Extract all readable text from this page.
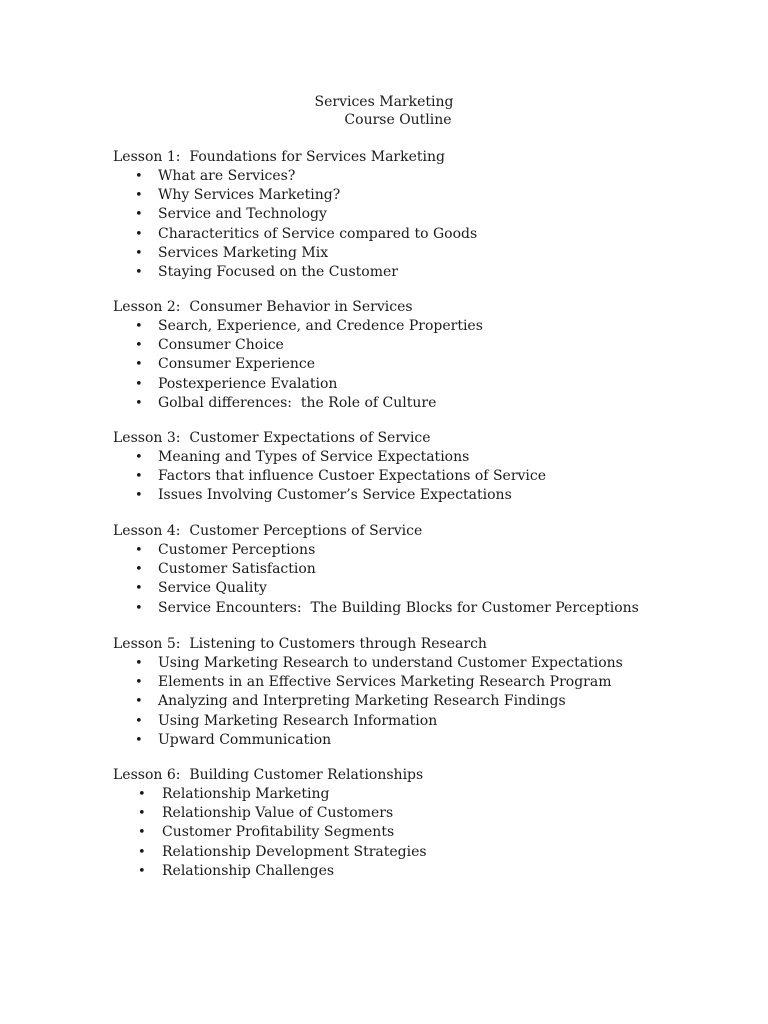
Services Marketing
Course Outline
Lesson 1:  Foundations for Services Marketing
• What are Services?
• Why Services Marketing?
• Service and Technology
• Characteritics of Service compared to Goods
• Services Marketing Mix
• Staying Focused on the Customer
Lesson 2:  Consumer Behavior in Services
• Search, Experience, and Credence Properties
• Consumer Choice
• Consumer Experience
• Postexperience Evalation
• Golbal differences:  the Role of Culture
Lesson 3:  Customer Expectations of Service
• Meaning and Types of Service Expectations
• Factors that influence Custoer Expectations of Service
• Issues Involving Customer’s Service Expectations
Lesson 4:  Customer Perceptions of Service
• Customer Perceptions
• Customer Satisfaction
• Service Quality
• Service Encounters:  The Building Blocks for Customer Perceptions
Lesson 5:  Listening to Customers through Research
• Using Marketing Research to understand Customer Expectations
• Elements in an Effective Services Marketing Research Program
• Analyzing and Interpreting Marketing Research Findings
• Using Marketing Research Information
• Upward Communication
Lesson 6:  Building Customer Relationships
• Relationship Marketing
• Relationship Value of Customers
• Customer Profitability Segments
• Relationship Development Strategies
• Relationship Challenges
